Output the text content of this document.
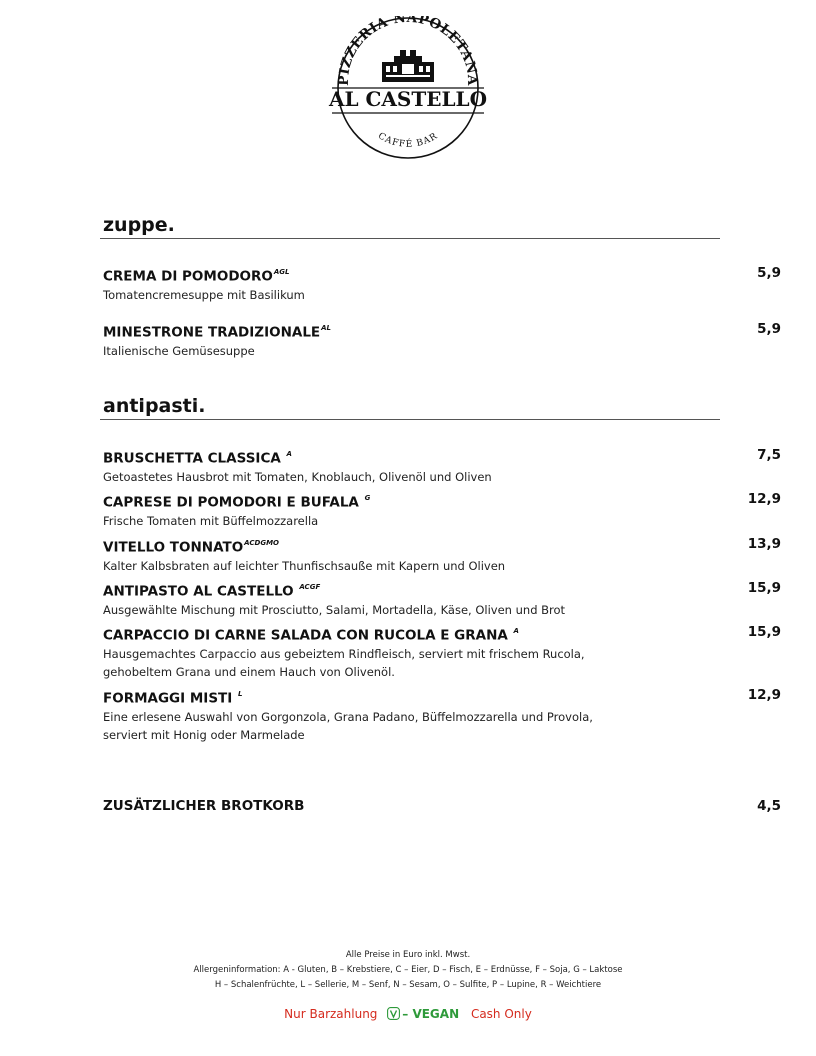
PIZZERIA NAPOLETANA
AL CASTELLO
CAFFÉ BAR
zuppe.
CREMA DI $POMODORO^{AGL}$
Tomatencremesuppe mit Basilikum
5,9
MINESTRONE $TRADIZIONALE^{AL}$
Italienische Gemüsesuppe
5,9
antipasti.
BRUSCHETTA CLASSICA $^A$
Getoastetes Hausbrot mit Tomaten, Knoblauch, Olivenöl und Oliven
7,5
CAPRESE DI POMODORI E BUFALA $^G$
Frische Tomaten mit Büffelmozzarella
12,9
VITELLO $TONNATO^{ACDGMO}$
Kalter Kalbsbraten auf leichter Thunfischsauße mit Kapern und Oliven
13,9
ANTIPASTO AL CASTELLO $^{ACGF}$
Ausgewählte Mischung mit Prosciutto, Salami, Mortadella, Käse, Oliven und Brot
15,9
CARPACCIO DI CARNE SALADA CON RUCOLA E GRANA $^A$
Hausgemachtes Carpaccio aus gebeiztem Rindfleisch, serviert mit frischem Rucola,
gehobeltem Grana und einem Hauch von Olivenöl.
15,9
FORMAGGI MISTI $^L$
Eine erlesene Auswahl von Gorgonzola, Grana Padano, Büffelmozzarella und Provola,
serviert mit Honig oder Marmelade
12,9
ZUSÄTZLICHER BROTKORB	4,5
Alle Preise in Euro inkl. Mwst.
Allergeninformation: A - Gluten, B – Krebstiere, C – Eier, D – Fisch, E – Erdnüsse, F – Soja, G – Laktose
H – Schalenfrüchte, L – Sellerie, M – Senf, N – Sesam, O – Sulfite, P – Lupine, R – Weichtiere
Nur Barzahlung – VEGAN Cash Only
